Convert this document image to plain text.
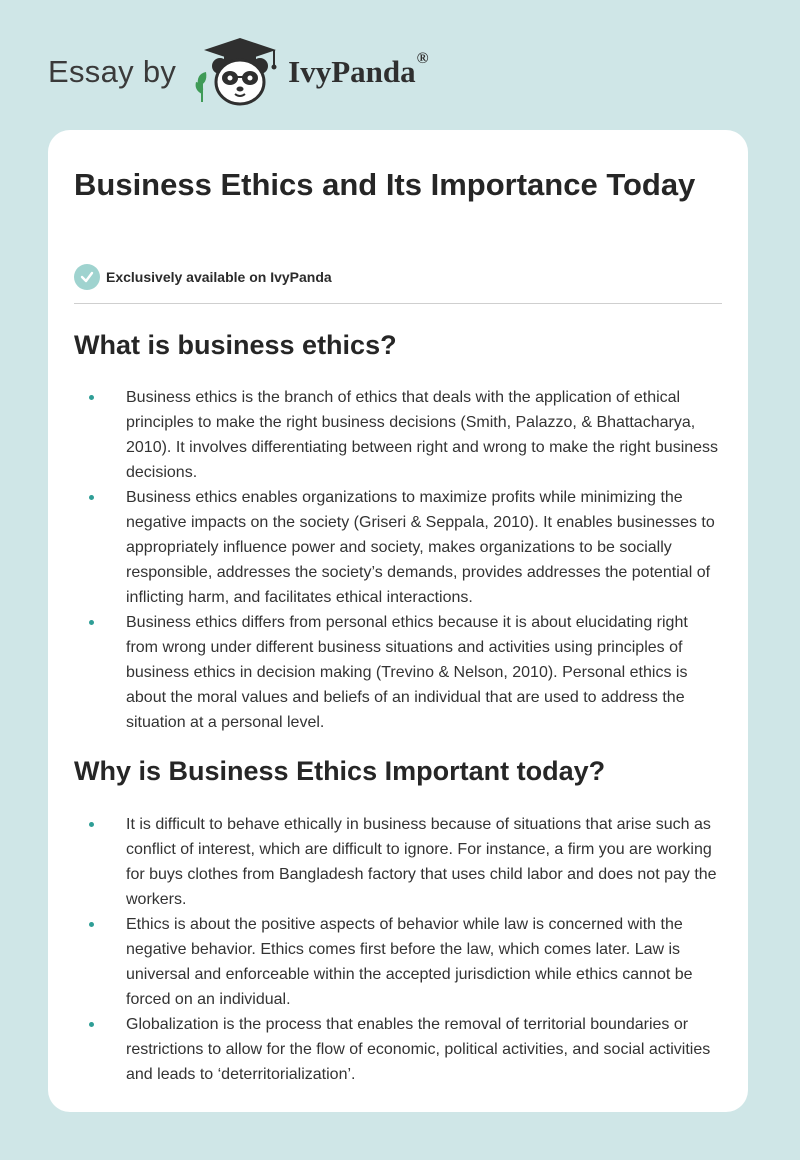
Essay by	IvyPanda®
Business Ethics and Its Importance Today
Exclusively available on IvyPanda
What is business ethics?
Business ethics is the branch of ethics that deals with the application of ethical principles to make the right business decisions (Smith, Palazzo, & Bhattacharya, 2010). It involves differentiating between right and wrong to make the right business decisions.
Business ethics enables organizations to maximize profits while minimizing the negative impacts on the society (Griseri & Seppala, 2010). It enables businesses to appropriately influence power and society, makes organizations to be socially responsible, addresses the society’s demands, provides addresses the potential of inflicting harm, and facilitates ethical interactions.
Business ethics differs from personal ethics because it is about elucidating right from wrong under different business situations and activities using principles of business ethics in decision making (Trevino & Nelson, 2010). Personal ethics is about the moral values and beliefs of an individual that are used to address the situation at a personal level.
Why is Business Ethics Important today?
It is difficult to behave ethically in business because of situations that arise such as conflict of interest, which are difficult to ignore. For instance, a firm you are working for buys clothes from Bangladesh factory that uses child labor and does not pay the workers.
Ethics is about the positive aspects of behavior while law is concerned with the negative behavior. Ethics comes first before the law, which comes later. Law is universal and enforceable within the accepted jurisdiction while ethics cannot be forced on an individual.
Globalization is the process that enables the removal of territorial boundaries or restrictions to allow for the flow of economic, political activities, and social activities and leads to ‘deterritorialization’.
